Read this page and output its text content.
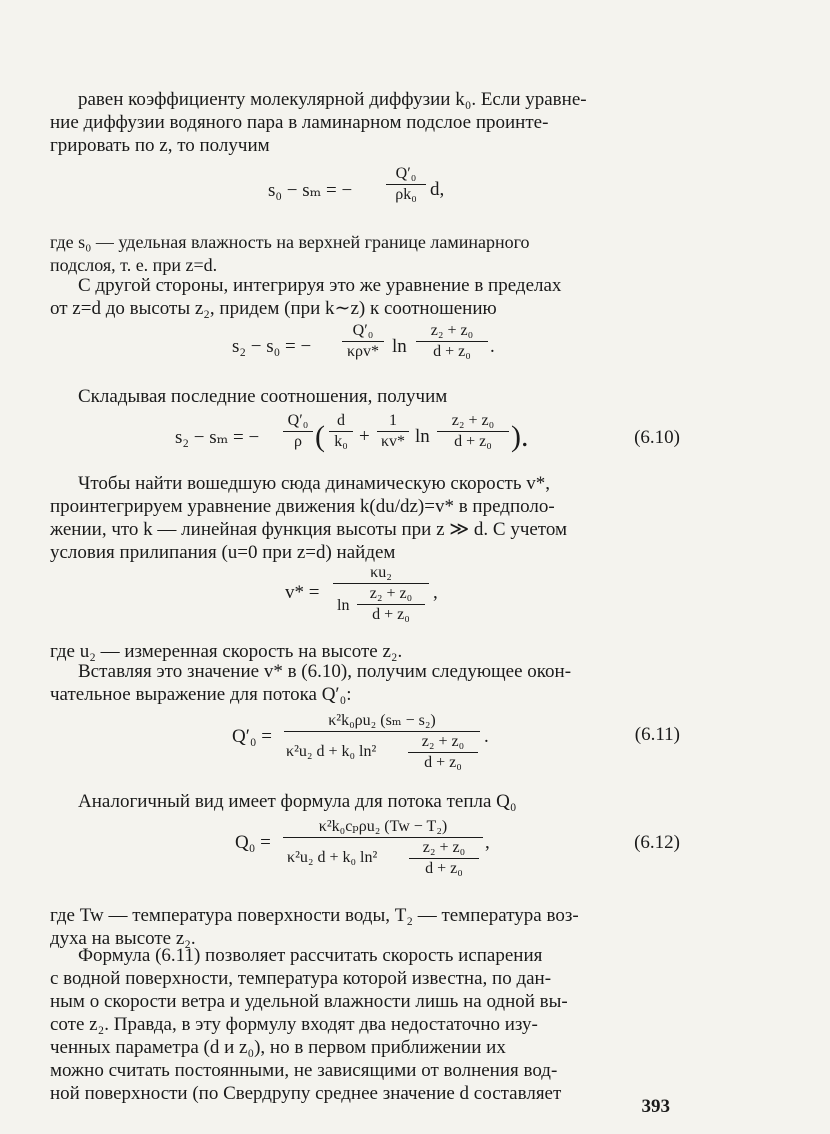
равен коэффициенту молекулярной диффузии k₀. Если уравне-
ние диффузии водяного пара в ламинарном подслое проинте-
грировать по z, то получим
s₀ − sₘ = −
Q′₀
ρk₀ d,
где s₀ — удельная влажность на верхней границе ламинарного
подслоя, т. е. при z=d.
С другой стороны, интегрируя это же уравнение в пределах
от z=d до высоты z₂, придем (при k∼z) к соотношению
s₂ − s₀ = −
Q′₀
κρv* ln
z₂ + z₀
d + z₀	.
Складывая последние соотношения, получим
s₂ − sₘ = −
Q′₀
ρ ( d
k₀ +
1
κv* ln
z₂ + z₀
d + z₀ ).	(6.10)
Чтобы найти вошедшую сюда динамическую скорость v*,
проинтегрируем уравнение движения k(du/dz)=v* в предполо-
жении, что k — линейная функция высоты при z ≫ d. С учетом
условия прилипания (u=0 при z=d) найдем
v* =
κu₂
ln
z₂ + z₀
d + z₀
,
где u₂ — измеренная скорость на высоте z₂.
Вставляя это значение v* в (6.10), получим следующее окон-
чательное выражение для потока Q′₀:
Q′₀ =
κ²k₀ρu₂ (sₘ − s₂)
κ²u₂ d + k₀ ln²
z₂ + z₀
d + z₀
.	(6.11)
Аналогичный вид имеет формула для потока тепла Q₀
Q₀ =
κ²k₀cₚρu₂ (Tw − T₂)
κ²u₂ d + k₀ ln²
z₂ + z₀
d + z₀
,	(6.12)
где Tw — температура поверхности воды, T₂ — температура воз-
духа на высоте z₂.
Формула (6.11) позволяет рассчитать скорость испарения
с водной поверхности, температура которой известна, по дан-
ным о скорости ветра и удельной влажности лишь на одной вы-
соте z₂. Правда, в эту формулу входят два недостаточно изу-
ченных параметра (d и z₀), но в первом приближении их
можно считать постоянными, не зависящими от волнения вод-
ной поверхности (по Свердрупу среднее значение d составляет
393
